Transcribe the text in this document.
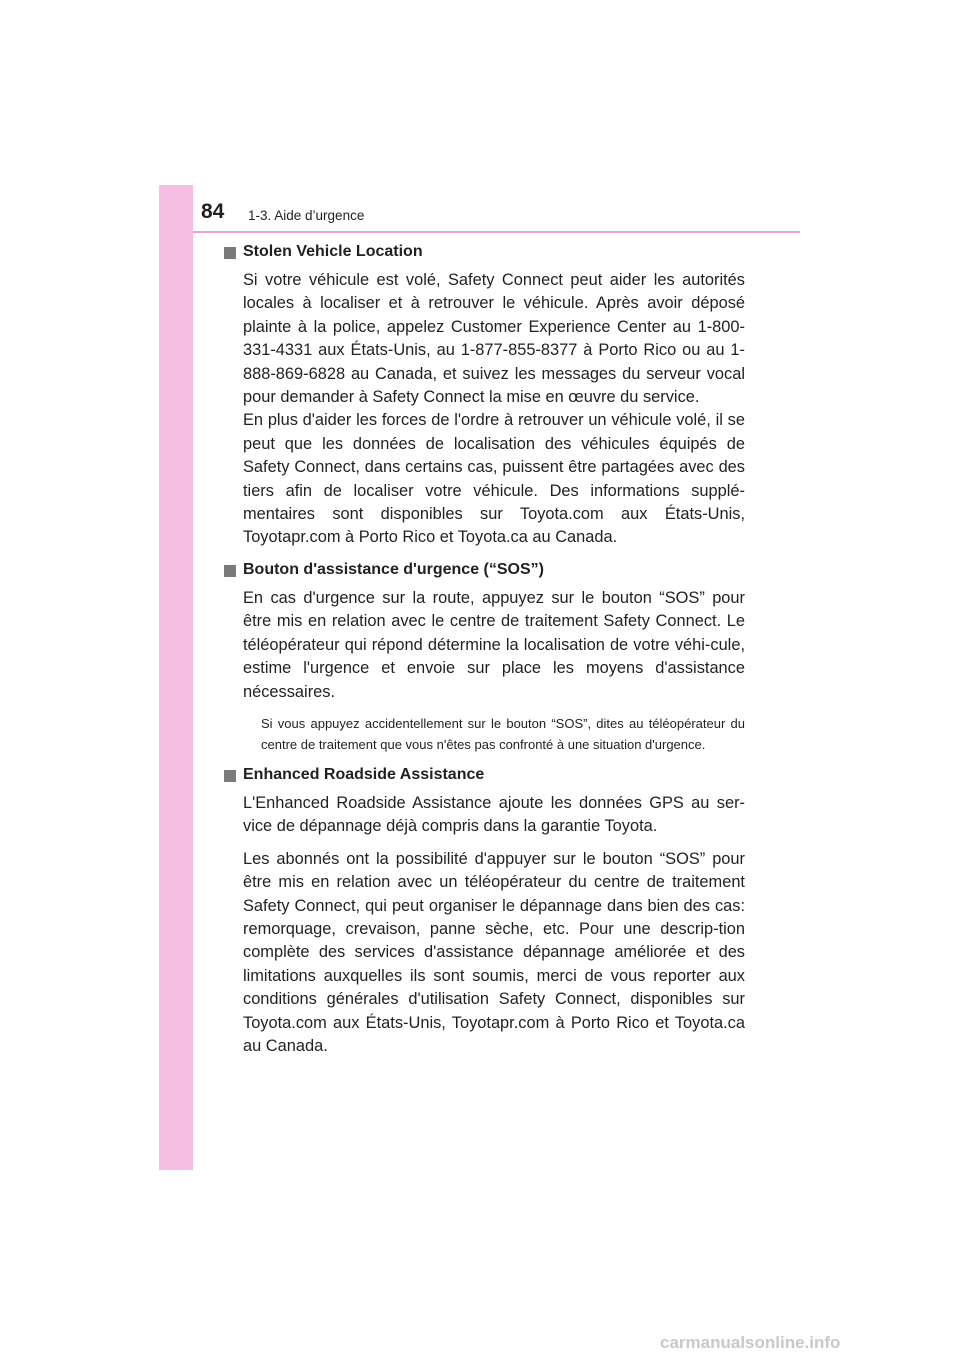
84 1-3. Aide d’urgence
Stolen Vehicle Location

Si votre véhicule est volé, Safety Connect peut aider les autorités locales à localiser et à retrouver le véhicule. Après avoir déposé plainte à la police, appelez Customer Experience Center au 1-800-331-4331 aux États-Unis, au 1-877-855-8377 à Porto Rico ou au 1-888-869-6828 au Canada, et suivez les messages du serveur vocal pour demander à Safety Connect la mise en œuvre du service.

En plus d'aider les forces de l'ordre à retrouver un véhicule volé, il se peut que les données de localisation des véhicules équipés de Safety Connect, dans certains cas, puissent être partagées avec des tiers afin de localiser votre véhicule. Des informations supplé-mentaires sont disponibles sur Toyota.com aux États-Unis, Toyotapr.com à Porto Rico et Toyota.ca au Canada.

Bouton d'assistance d'urgence (“SOS”)

En cas d'urgence sur la route, appuyez sur le bouton “SOS” pour être mis en relation avec le centre de traitement Safety Connect. Le téléopérateur qui répond détermine la localisation de votre véhi-cule, estime l'urgence et envoie sur place les moyens d'assistance nécessaires.

Si vous appuyez accidentellement sur le bouton “SOS”, dites au téléopérateur du centre de traitement que vous n'êtes pas confronté à une situation d'urgence.

Enhanced Roadside Assistance

L'Enhanced Roadside Assistance ajoute les données GPS au ser-vice de dépannage déjà compris dans la garantie Toyota.

Les abonnés ont la possibilité d'appuyer sur le bouton “SOS” pour être mis en relation avec un téléopérateur du centre de traitement Safety Connect, qui peut organiser le dépannage dans bien des cas: remorquage, crevaison, panne sèche, etc. Pour une descrip-tion complète des services d'assistance dépannage améliorée et des limitations auxquelles ils sont soumis, merci de vous reporter aux conditions générales d'utilisation Safety Connect, disponibles sur Toyota.com aux États-Unis, Toyotapr.com à Porto Rico et Toyota.ca au Canada.

carmanualsonline.info
